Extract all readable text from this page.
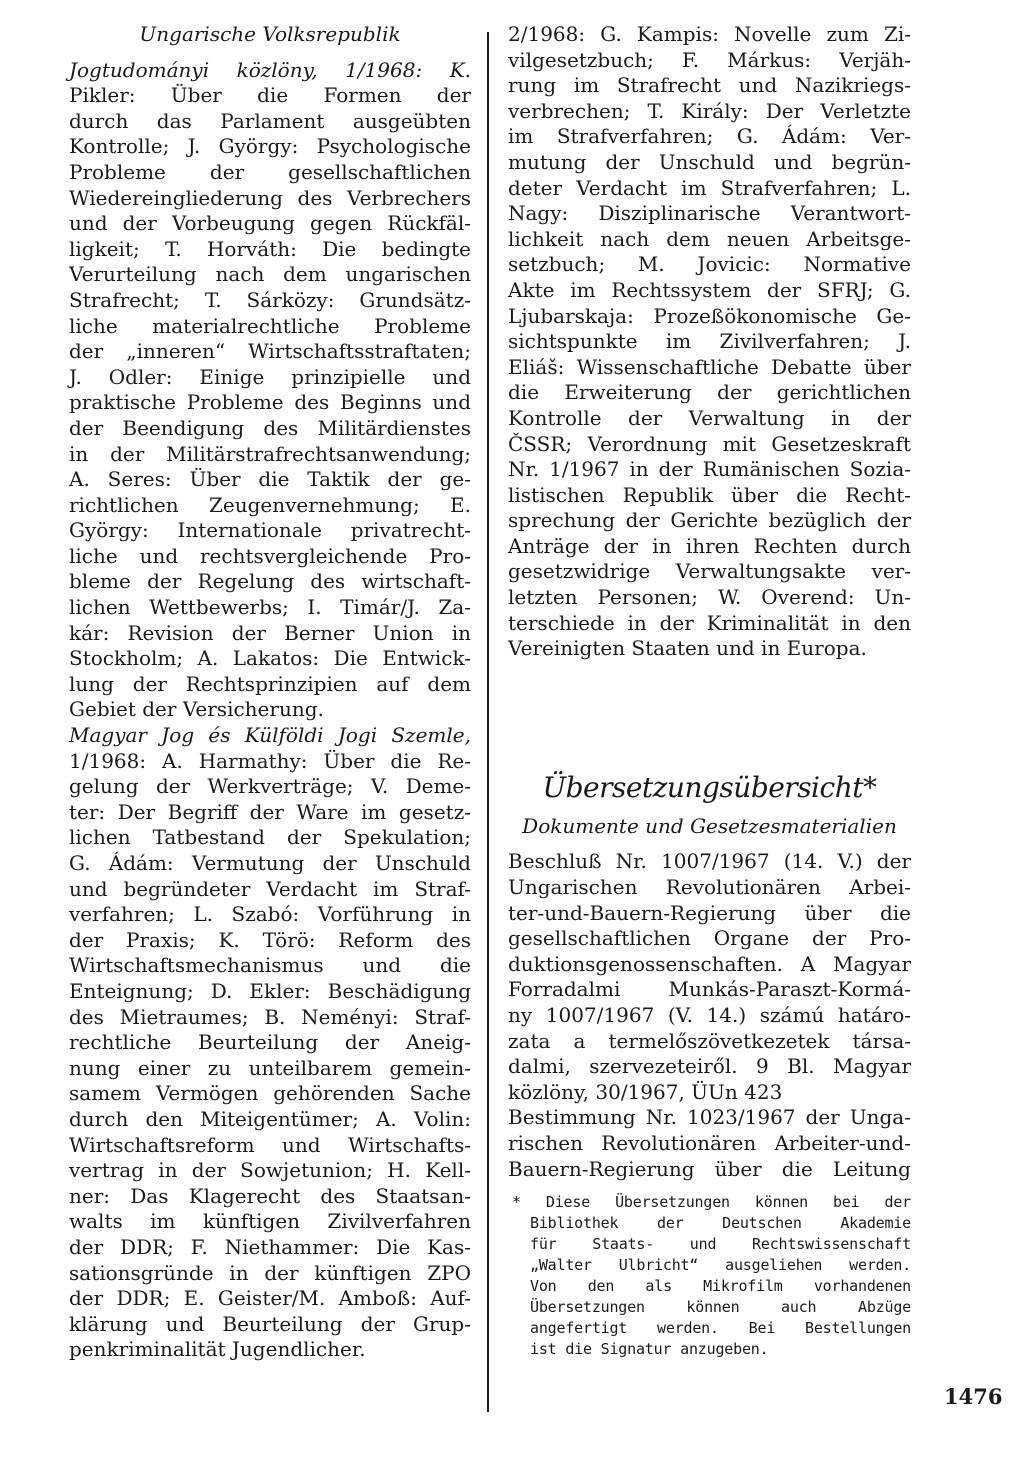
Ungarische Volksrepublik
Jogtudományi közlöny, 1/1968: K.
Pikler: Über die Formen der
durch das Parlament ausgeübten
Kontrolle; J. György: Psychologische
Probleme der gesellschaftlichen
Wiedereingliederung des Verbrechers
und der Vorbeugung gegen Rückfäl-
ligkeit; T. Horváth: Die bedingte
Verurteilung nach dem ungarischen
Strafrecht; T. Sárközy: Grundsätz-
liche materialrechtliche Probleme
der „inneren“ Wirtschaftsstraftaten;
J. Odler: Einige prinzipielle und
praktische Probleme des Beginns und
der Beendigung des Militärdienstes
in der Militärstrafrechtsanwendung;
A. Seres: Über die Taktik der ge-
richtlichen Zeugenvernehmung; E.
György: Internationale privatrecht-
liche und rechtsvergleichende Pro-
bleme der Regelung des wirtschaft-
lichen Wettbewerbs; I. Timár/J. Za-
kár: Revision der Berner Union in
Stockholm; A. Lakatos: Die Entwick-
lung der Rechtsprinzipien auf dem
Gebiet der Versicherung.
Magyar Jog és Külföldi Jogi Szemle,
1/1968: A. Harmathy: Über die Re-
gelung der Werkverträge; V. Deme-
ter: Der Begriff der Ware im gesetz-
lichen Tatbestand der Spekulation;
G. Ádám: Vermutung der Unschuld
und begründeter Verdacht im Straf-
verfahren; L. Szabó: Vorführung in
der Praxis; K. Törö: Reform des
Wirtschaftsmechanismus und die
Enteignung; D. Ekler: Beschädigung
des Mietraumes; B. Neményi: Straf-
rechtliche Beurteilung der Aneig-
nung einer zu unteilbarem gemein-
samem Vermögen gehörenden Sache
durch den Miteigentümer; A. Volin:
Wirtschaftsreform und Wirtschafts-
vertrag in der Sowjetunion; H. Kell-
ner: Das Klagerecht des Staatsan-
walts im künftigen Zivilverfahren
der DDR; F. Niethammer: Die Kas-
sationsgründe in der künftigen ZPO
der DDR; E. Geister/M. Amboß: Auf-
klärung und Beurteilung der Grup-
penkriminalität Jugendlicher.
2/1968: G. Kampis: Novelle zum Zi-
vilgesetzbuch; F. Márkus: Verjäh-
rung im Strafrecht und Nazikriegs-
verbrechen; T. Király: Der Verletzte
im Strafverfahren; G. Ádám: Ver-
mutung der Unschuld und begrün-
deter Verdacht im Strafverfahren; L.
Nagy: Disziplinarische Verantwort-
lichkeit nach dem neuen Arbeitsge-
setzbuch; M. Jovicic: Normative
Akte im Rechtssystem der SFRJ; G.
Ljubarskaja: Prozeßökonomische Ge-
sichtspunkte im Zivilverfahren; J.
Eliáš: Wissenschaftliche Debatte über
die Erweiterung der gerichtlichen
Kontrolle der Verwaltung in der
ČSSR; Verordnung mit Gesetzeskraft
Nr. 1/1967 in der Rumänischen Sozia-
listischen Republik über die Recht-
sprechung der Gerichte bezüglich der
Anträge der in ihren Rechten durch
gesetzwidrige Verwaltungsakte ver-
letzten Personen; W. Overend: Un-
terschiede in der Kriminalität in den
Vereinigten Staaten und in Europa.
Übersetzungsübersicht*
Dokumente und Gesetzesmaterialien
Beschluß Nr. 1007/1967 (14. V.) der
Ungarischen Revolutionären Arbei-
ter-und-Bauern-Regierung über die
gesellschaftlichen Organe der Pro-
duktionsgenossenschaften. A Magyar
Forradalmi Munkás-Paraszt-Kormá-
ny 1007/1967 (V. 14.) számú határo-
zata a termelőszövetkezetek társa-
dalmi, szervezeteiről. 9 Bl. Magyar
közlöny, 30/1967, ÜUn 423
Bestimmung Nr. 1023/1967 der Unga-
rischen Revolutionären Arbeiter-und-
Bauern-Regierung über die Leitung
* Diese Übersetzungen können bei der
Bibliothek der Deutschen Akademie
für Staats- und Rechtswissenschaft
„Walter Ulbricht“ ausgeliehen werden.
Von den als Mikrofilm vorhandenen
Übersetzungen können auch Abzüge
angefertigt werden. Bei Bestellungen
ist die Signatur anzugeben.
1476
